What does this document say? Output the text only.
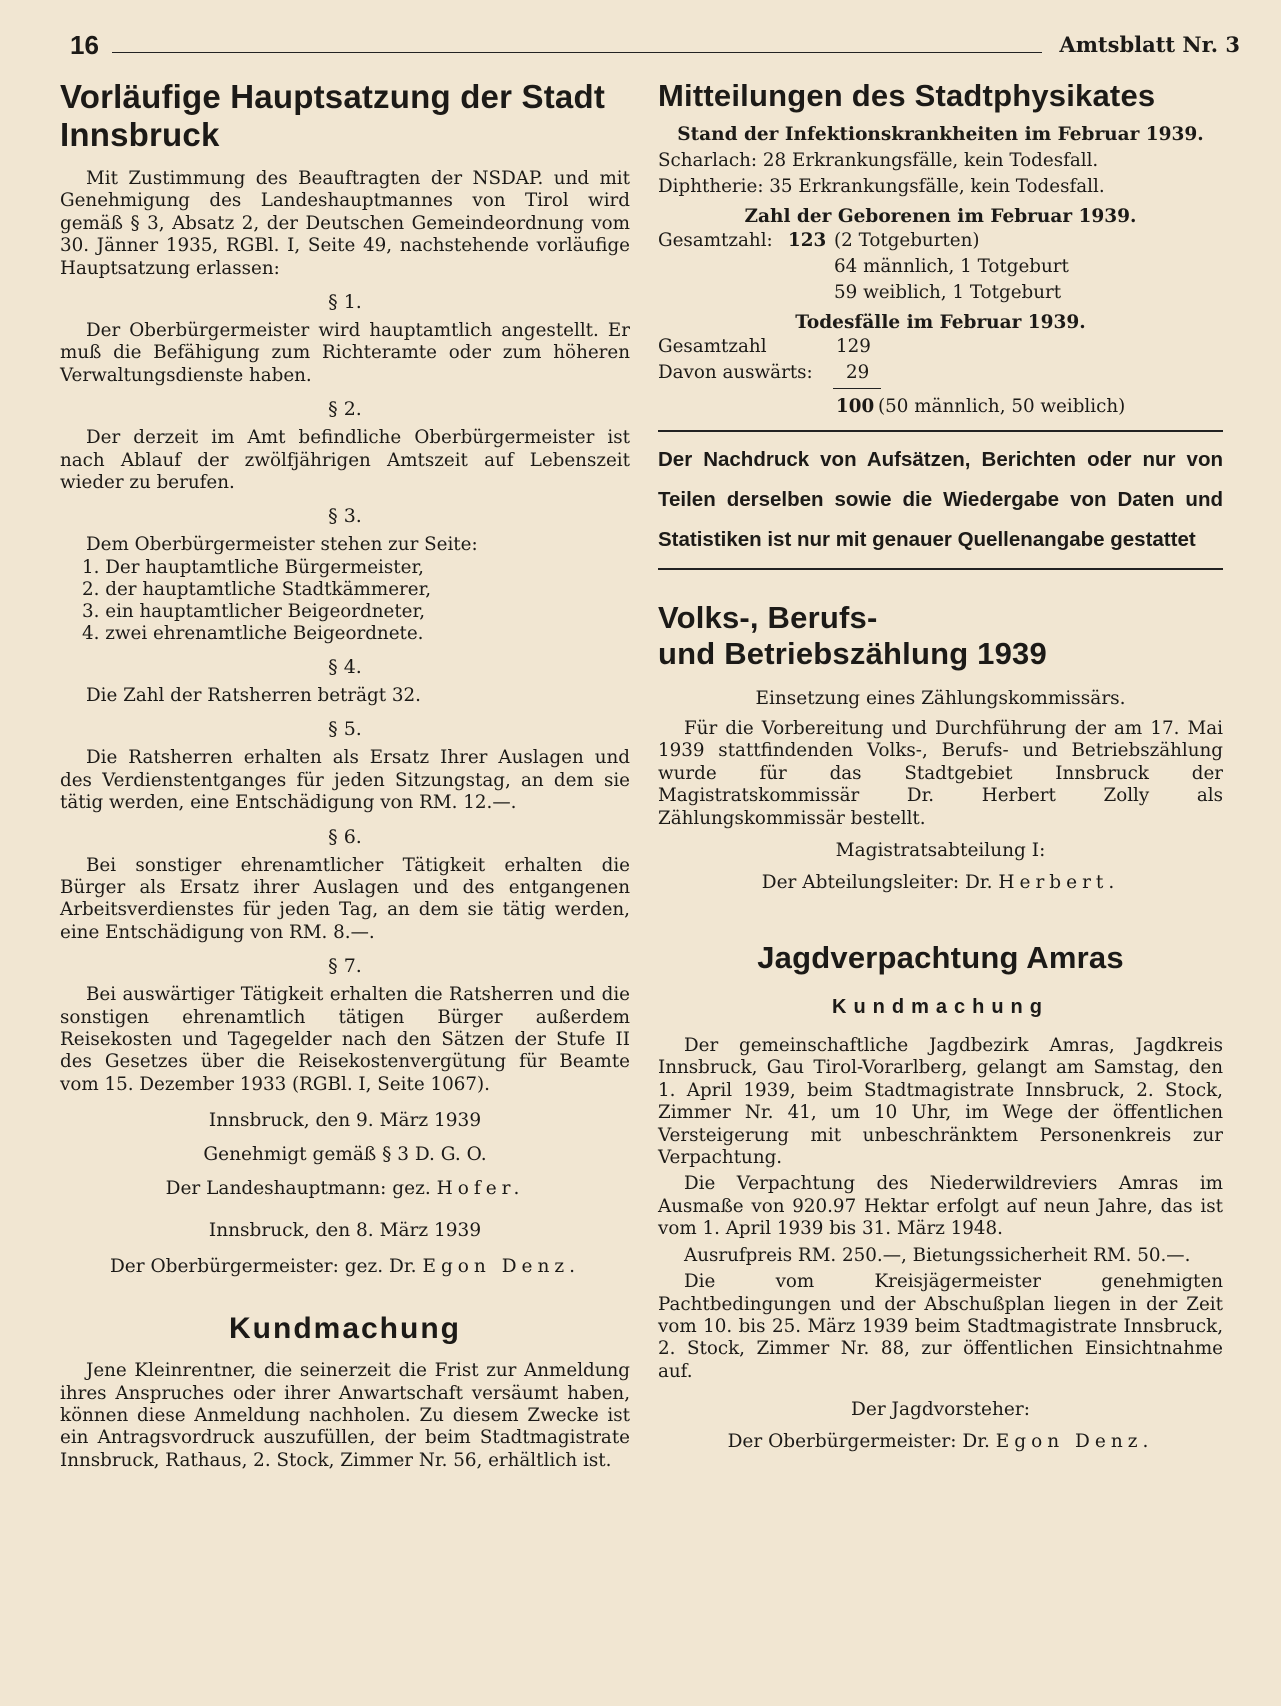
16	Amtsblatt Nr. 3
Vorläufige Hauptsatzung der Stadt Innsbruck

Mit Zustimmung des Beauftragten der NSDAP. und mit Genehmigung des Landeshauptmannes von Tirol wird gemäß § 3, Absatz 2, der Deutschen Gemeindeordnung vom 30. Jänner 1935, RGBl. I, Seite 49, nachstehende vorläufige Hauptsatzung erlassen:

§ 1.

Der Oberbürgermeister wird hauptamtlich angestellt. Er muß die Befähigung zum Richteramte oder zum höheren Verwaltungsdienste haben.

§ 2.

Der derzeit im Amt befindliche Oberbürgermeister ist nach Ablauf der zwölfjährigen Amtszeit auf Lebenszeit wieder zu berufen.

§ 3.

Dem Oberbürgermeister stehen zur Seite:

1. Der hauptamtliche Bürgermeister,
2. der hauptamtliche Stadtkämmerer,
3. ein hauptamtlicher Beigeordneter,
4. zwei ehrenamtliche Beigeordnete.
§ 4.

Die Zahl der Ratsherren beträgt 32.

§ 5.

Die Ratsherren erhalten als Ersatz Ihrer Auslagen und des Verdienstentganges für jeden Sitzungstag, an dem sie tätig werden, eine Entschädigung von RM. 12.—.

§ 6.

Bei sonstiger ehrenamtlicher Tätigkeit erhalten die Bürger als Ersatz ihrer Auslagen und des entgangenen Arbeitsverdienstes für jeden Tag, an dem sie tätig werden, eine Entschädigung von RM. 8.—.

§ 7.

Bei auswärtiger Tätigkeit erhalten die Ratsherren und die sonstigen ehrenamtlich tätigen Bürger außerdem Reisekosten und Tagegelder nach den Sätzen der Stufe II des Gesetzes über die Reisekostenvergütung für Beamte vom 15. Dezember 1933 (RGBl. I, Seite 1067).

Innsbruck, den 9. März 1939
Genehmigt gemäß § 3 D. G. O.
Der Landeshauptmann: gez. Hofer.
Innsbruck, den 8. März 1939
Der Oberbürgermeister: gez. Dr. Egon Denz.
Kundmachung

Jene Kleinrentner, die seinerzeit die Frist zur Anmeldung ihres Anspruches oder ihrer Anwartschaft versäumt haben, können diese Anmeldung nachholen. Zu diesem Zwecke ist ein Antragsvordruck auszufüllen, der beim Stadtmagistrate Innsbruck, Rathaus, 2. Stock, Zimmer Nr. 56, erhältlich ist.

Mitteilungen des Stadtphysikates
Stand der Infektionskrankheiten im Februar 1939.
Scharlach: 28 Erkrankungsfälle, kein Todesfall.
Diphtherie: 35 Erkrankungsfälle, kein Todesfall.
Zahl der Geborenen im Februar 1939.
Gesamtzahl: 123 (2 Totgeburten)
64 männlich, 1 Totgeburt
59 weiblich, 1 Totgeburt
Todesfälle im Februar 1939.
Gesamtzahl	129
Davon auswärts: 29
100 (50 männlich, 50 weiblich)
Der Nachdruck von Aufsätzen, Berichten oder nur von Teilen derselben sowie die Wiedergabe von Daten und Statistiken ist nur mit genauer Quellenangabe gestattet
Volks-, Berufs-
und Betriebszählung 1939
Einsetzung eines Zählungskommissärs.

Für die Vorbereitung und Durchführung der am 17. Mai 1939 stattfindenden Volks-, Berufs- und Betriebszählung wurde für das Stadtgebiet Innsbruck der Magistratskommissär Dr. Herbert Zolly als Zählungskommissär bestellt.

Magistratsabteilung I:
Der Abteilungsleiter: Dr. Herbert.
Jagdverpachtung Amras
Kundmachung

Der gemeinschaftliche Jagdbezirk Amras, Jagdkreis Innsbruck, Gau Tirol-Vorarlberg, gelangt am Samstag, den 1. April 1939, beim Stadtmagistrate Innsbruck, 2. Stock, Zimmer Nr. 41, um 10 Uhr, im Wege der öffentlichen Versteigerung mit unbeschränktem Personenkreis zur Verpachtung.

Die Verpachtung des Niederwildreviers Amras im Ausmaße von 920.97 Hektar erfolgt auf neun Jahre, das ist vom 1. April 1939 bis 31. März 1948.

Ausrufpreis RM. 250.—, Bietungssicherheit RM. 50.—.

Die vom Kreisjägermeister genehmigten Pachtbedingungen und der Abschußplan liegen in der Zeit vom 10. bis 25. März 1939 beim Stadtmagistrate Innsbruck, 2. Stock, Zimmer Nr. 88, zur öffentlichen Einsichtnahme auf.

Der Jagdvorsteher:
Der Oberbürgermeister: Dr. Egon Denz.
